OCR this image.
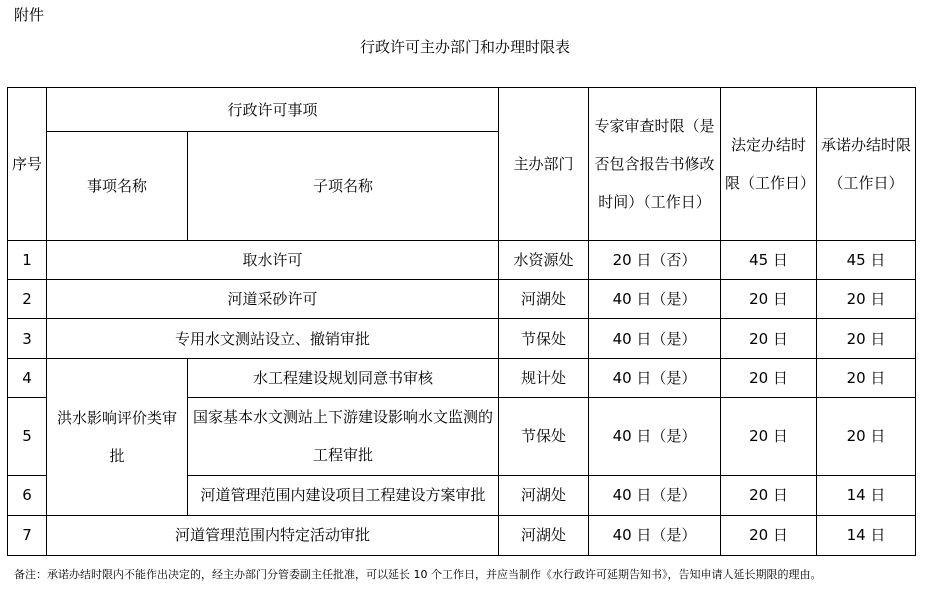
附件
行政许可主办部门和办理时限表
序号	行政许可事项		主办部门	专家审查时限（是否包含报告书修改时间）（工作日）	法定办结时限（工作日）	承诺办结时限（工作日）
	事项名称	子项名称				
1	取水许可		水资源处	20 日（否）	45 日	45 日
2	河道采砂许可		河湖处	40 日（是）	20 日	20 日
3	专用水文测站设立、撤销审批		节保处	40 日（是）	20 日	20 日
4	洪水影响评价类审批	水工程建设规划同意书审核	规计处	40 日（是）	20 日	20 日
5		国家基本水文测站上下游建设影响水文监测的工程审批	节保处	40 日（是）	20 日	20 日
6		河道管理范围内建设项目工程建设方案审批	河湖处	40 日（是）	20 日	14 日
7	河道管理范围内特定活动审批		河湖处	40 日（是）	20 日	14 日
备注：承诺办结时限内不能作出决定的，经主办部门分管委副主任批准，可以延长 10 个工作日，并应当制作《水行政许可延期告知书》，告知申请人延长期限的理由。
